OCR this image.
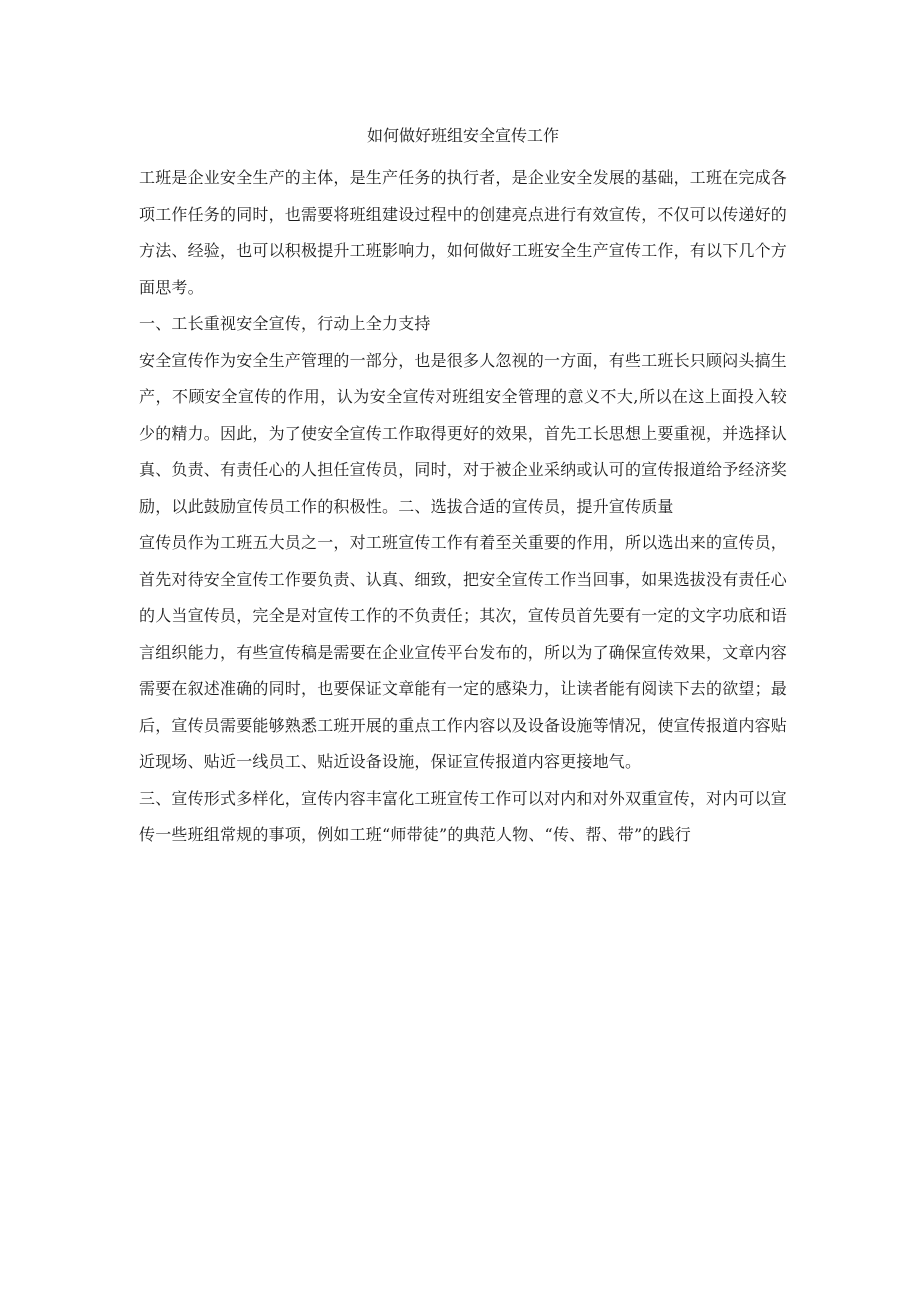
如何做好班组安全宣传工作

工班是企业安全生产的主体，是生产任务的执行者，是企业安全发展的基础，工班在完成各项工作任务的同时，也需要将班组建设过程中的创建亮点进行有效宣传，不仅可以传递好的方法、经验，也可以积极提升工班影响力，如何做好工班安全生产宣传工作，有以下几个方面思考。

一、工长重视安全宣传，行动上全力支持

安全宣传作为安全生产管理的一部分，也是很多人忽视的一方面，有些工班长只顾闷头搞生产，不顾安全宣传的作用，认为安全宣传对班组安全管理的意义不大,所以在这上面投入较少的精力。因此，为了使安全宣传工作取得更好的效果，首先工长思想上要重视，并选择认真、负责、有责任心的人担任宣传员，同时，对于被企业采纳或认可的宣传报道给予经济奖励，以此鼓励宣传员工作的积极性。二、选拔合适的宣传员，提升宣传质量

宣传员作为工班五大员之一，对工班宣传工作有着至关重要的作用，所以选出来的宣传员，首先对待安全宣传工作要负责、认真、细致，把安全宣传工作当回事，如果选拔没有责任心的人当宣传员，完全是对宣传工作的不负责任；其次，宣传员首先要有一定的文字功底和语言组织能力，有些宣传稿是需要在企业宣传平台发布的，所以为了确保宣传效果，文章内容需要在叙述准确的同时，也要保证文章能有一定的感染力，让读者能有阅读下去的欲望；最后，宣传员需要能够熟悉工班开展的重点工作内容以及设备设施等情况，使宣传报道内容贴近现场、贴近一线员工、贴近设备设施，保证宣传报道内容更接地气。

三、宣传形式多样化，宣传内容丰富化工班宣传工作可以对内和对外双重宣传，对内可以宣传一些班组常规的事项，例如工班“师带徒”的典范人物、“传、帮、带”的践行
